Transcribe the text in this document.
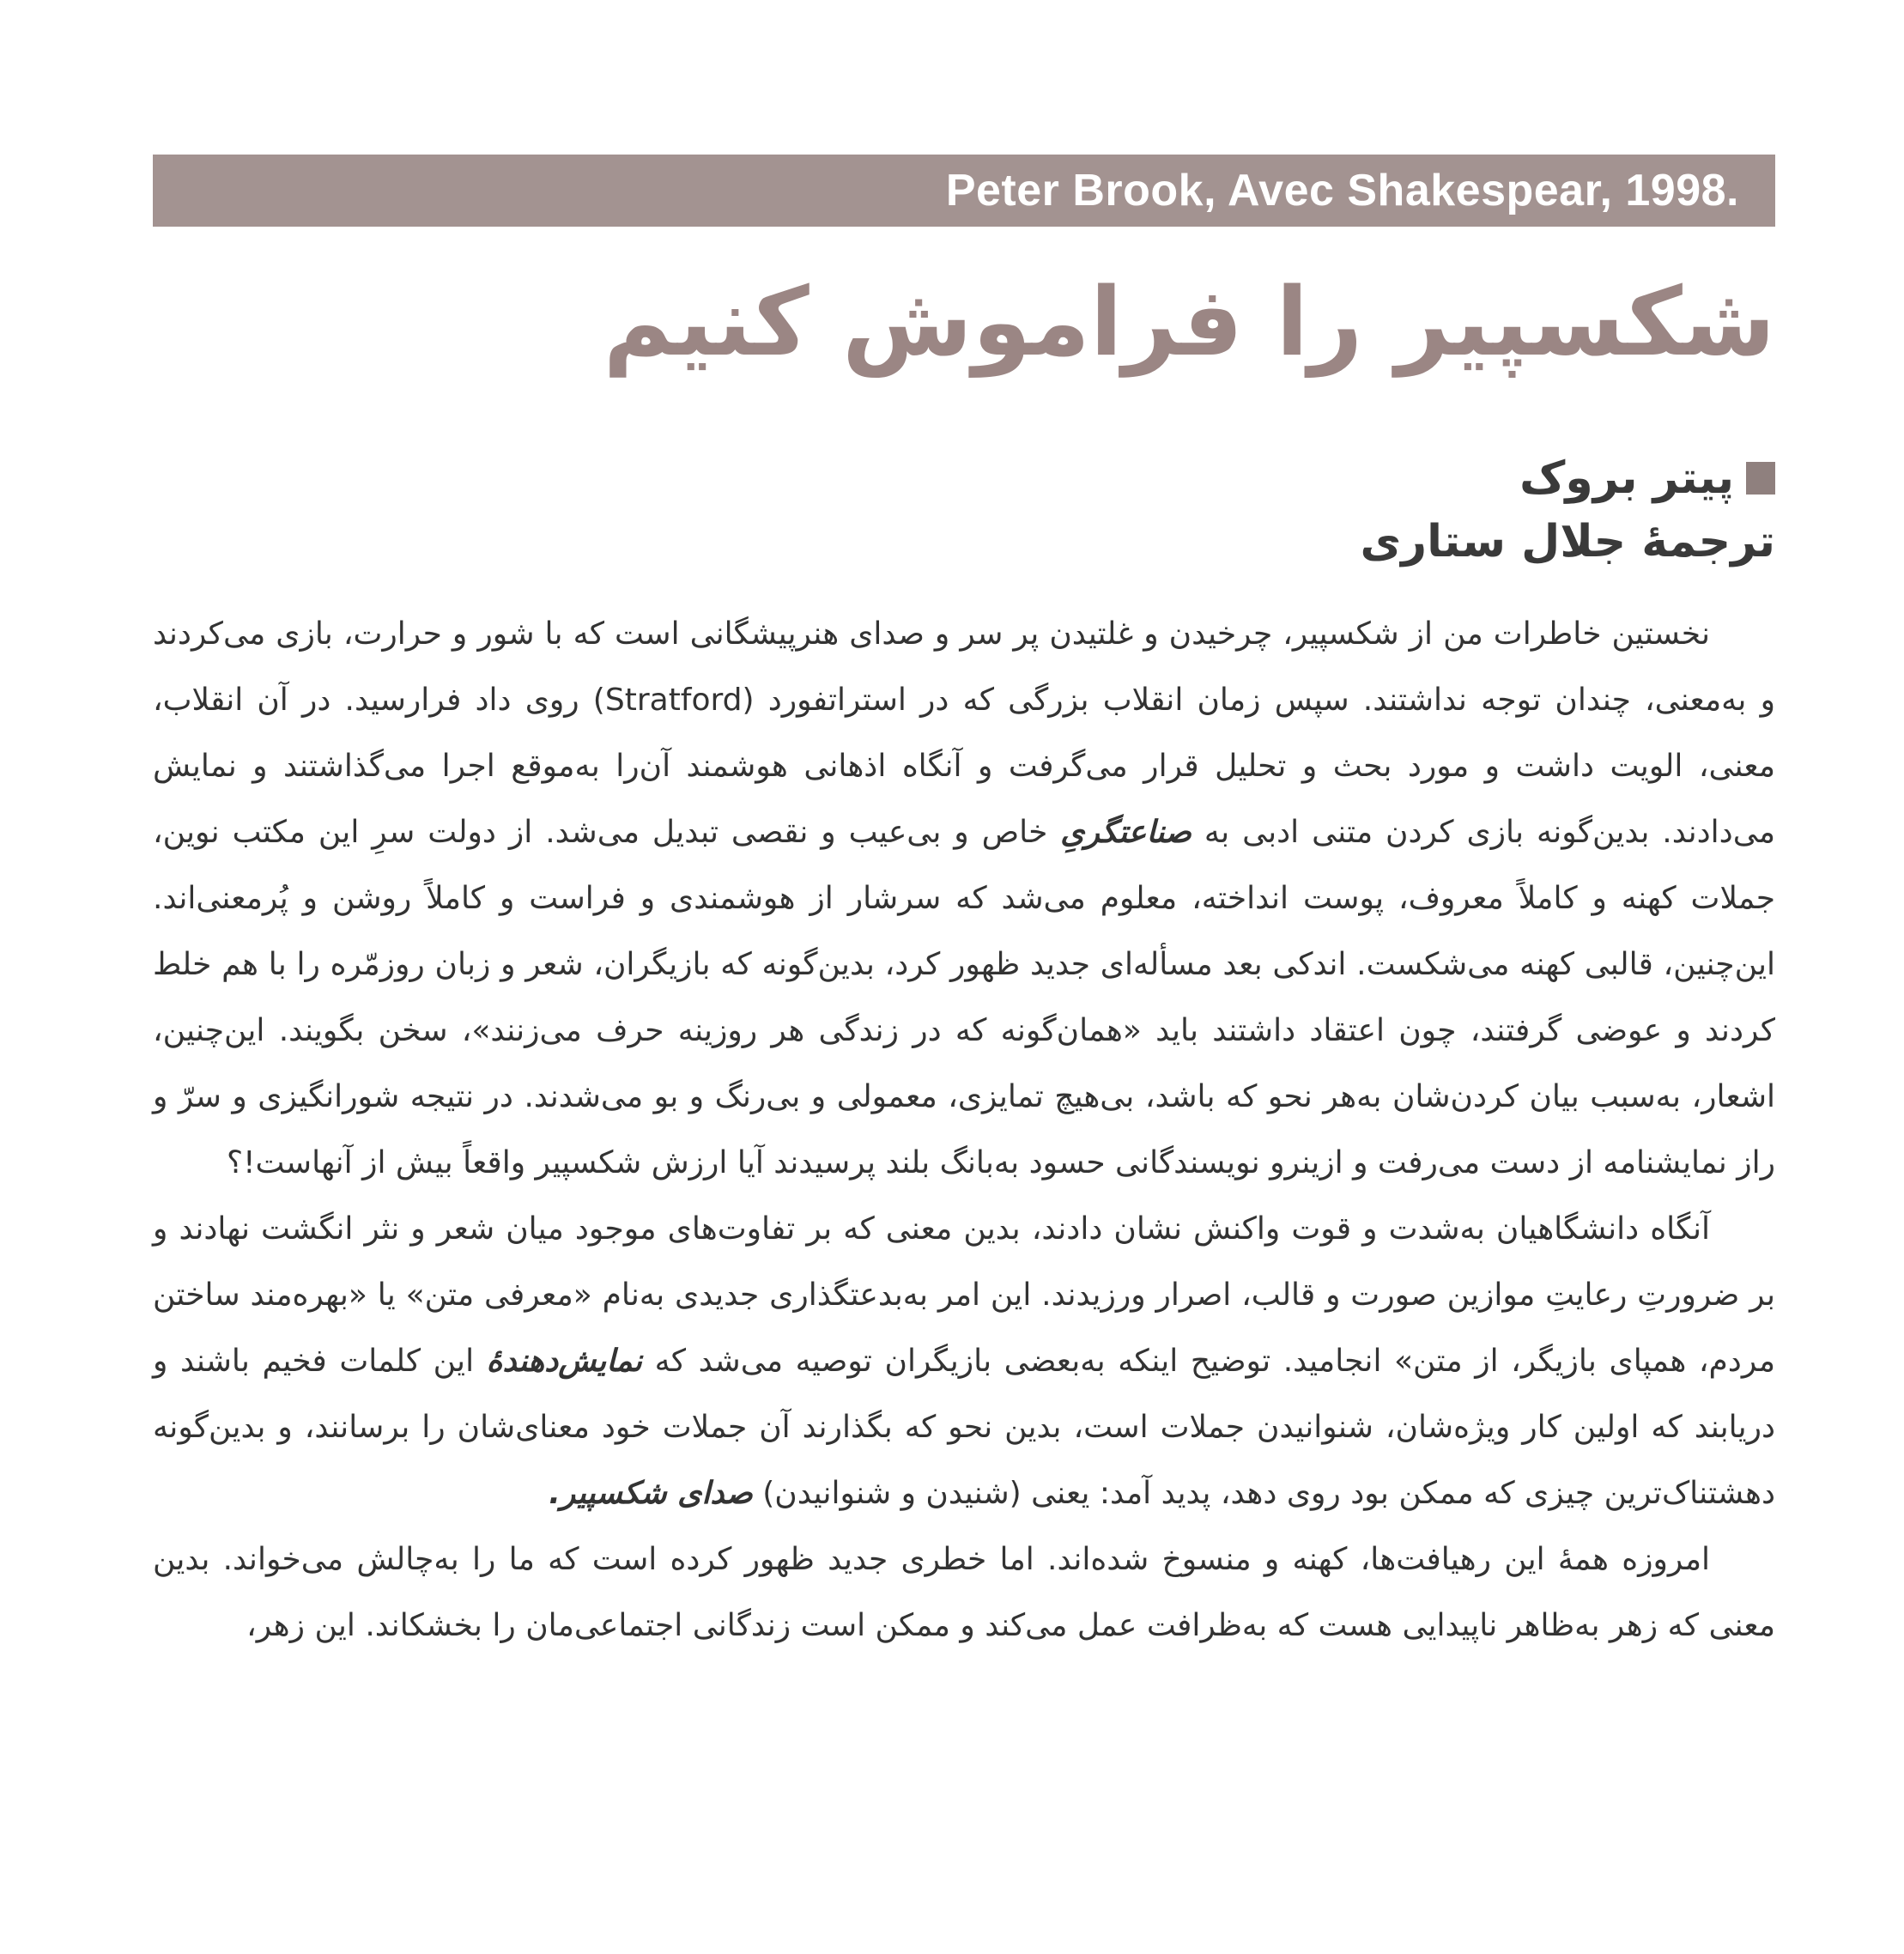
Peter Brook, Avec Shakespear, 1998.
شکسپیر را فراموش کنیم
پیتر بروک
ترجمهٔ جلال ستاری

نخستین خاطرات من از شکسپیر، چرخیدن و غلتیدن پر سر و صدای هنرپیشگانی است که با شور و حرارت، بازی می‌کردند و به‌معنی، چندان توجه نداشتند. سپس زمان انقلاب بزرگی که در استراتفورد (Stratford) روی داد فرارسید. در آن انقلاب، معنی، الویت داشت و مورد بحث و تحلیل قرار می‌گرفت و آنگاه اذهانی هوشمند آن‌را به‌موقع اجرا می‌گذاشتند و نمایش می‌دادند. بدین‌گونه بازی کردن متنی ادبی به صناعتگریِ خاص و بی‌عیب و نقصی تبدیل می‌شد. از دولت سرِ این مکتب نوین، جملات کهنه و کاملاً معروف، پوست انداخته، معلوم می‌شد که سرشار از هوشمندی و فراست و کاملاً روشن و پُرمعنی‌اند. این‌چنین، قالبی کهنه می‌شکست. اندکی بعد مسأله‌ای جدید ظهور کرد، بدین‌گونه که بازیگران، شعر و زبان روزمّره را با هم خلط کردند و عوضی گرفتند، چون اعتقاد داشتند باید «همان‌گونه که در زندگی هر روزینه حرف می‌زنند»، سخن بگویند. این‌چنین، اشعار، به‌سبب بیان کردن‌شان به‌هر نحو که باشد، بی‌هیچ تمایزی، معمولی و بی‌رنگ و بو می‌شدند. در نتیجه شورانگیزی و سرّ و راز نمایشنامه از دست می‌رفت و ازینرو نویسندگانی حسود به‌بانگ بلند پرسیدند آیا ارزش شکسپیر واقعاً بیش از آنهاست!؟

آنگاه دانشگاهیان به‌شدت و قوت واکنش نشان دادند، بدین معنی که بر تفاوت‌های موجود میان شعر و نثر انگشت نهادند و بر ضرورتِ رعایتِ موازین صورت و قالب، اصرار ورزیدند. این امر به‌بدعتگذاری جدیدی به‌نام «معرفی متن» یا «بهره‌مند ساختن مردم، همپای بازیگر، از متن» انجامید. توضیح اینکه به‌بعضی بازیگران توصیه می‌شد که نمایش‌دهندهٔ این کلمات فخیم باشند و دریابند که اولین کار ویژه‌شان، شنوانیدن جملات است، بدین نحو که بگذارند آن جملات خود معنای‌شان را برسانند، و بدین‌گونه دهشتناک‌ترین چیزی که ممکن بود روی دهد، پدید آمد: یعنی (شنیدن و شنوانیدن) صدای شکسپیر.

امروزه همهٔ این رهیافت‌ها، کهنه و منسوخ شده‌اند. اما خطری جدید ظهور کرده است که ما را به‌چالش می‌خواند. بدین معنی که زهر به‌ظاهر ناپیدایی هست که به‌ظرافت عمل می‌کند و ممکن است زندگانی اجتماعی‌مان را بخشکاند. این زهر،
